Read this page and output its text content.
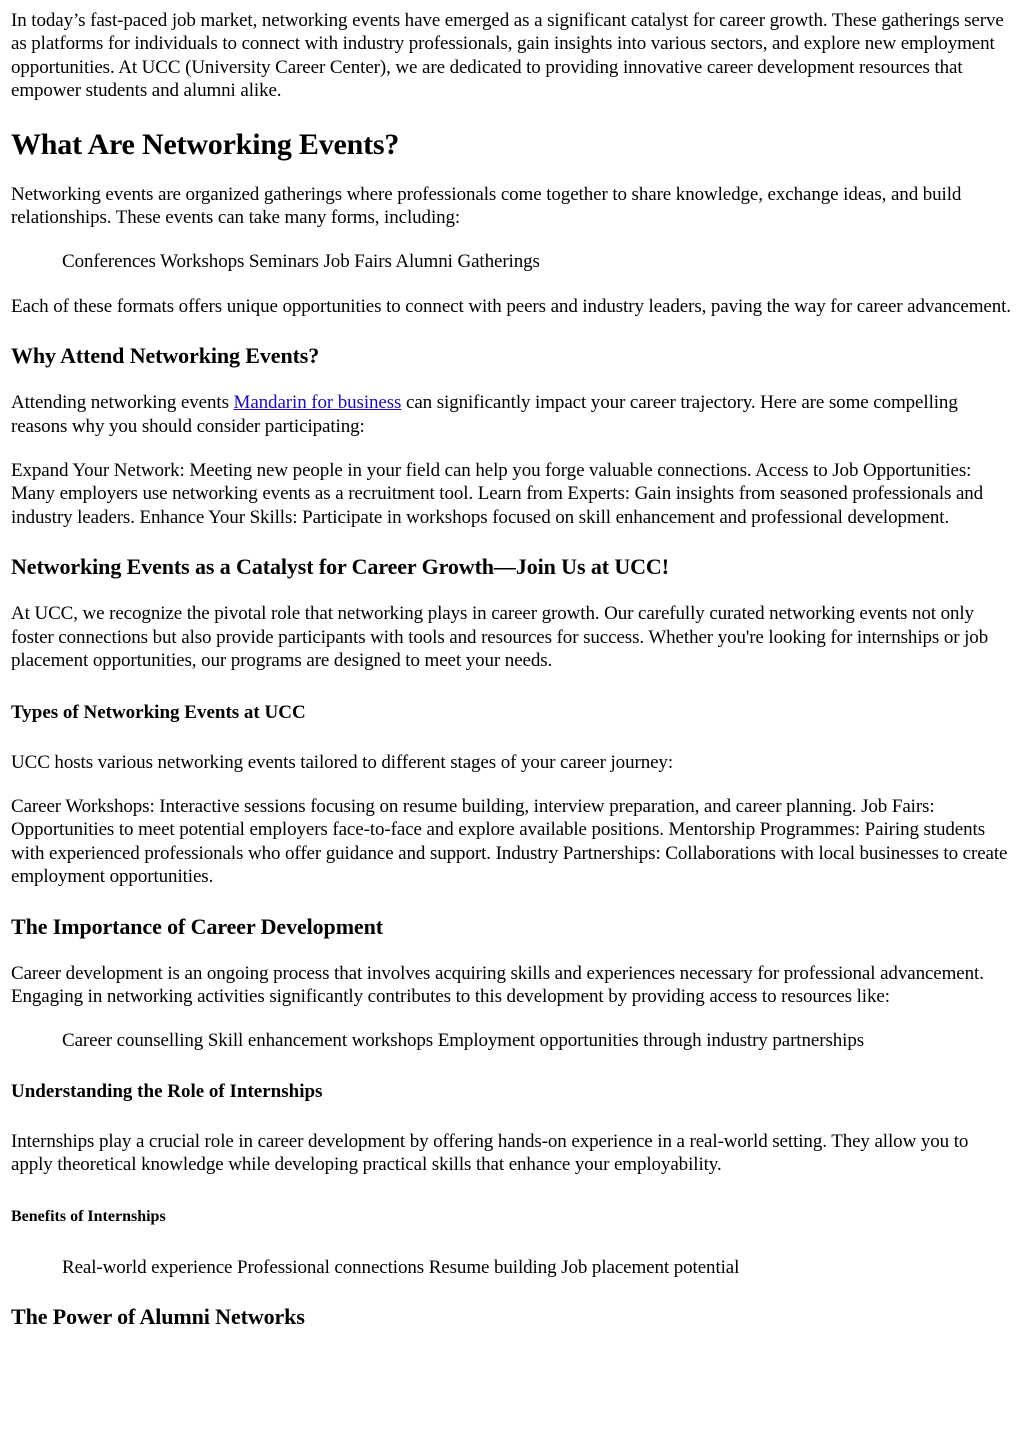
In today’s fast-paced job market, networking events have emerged as a significant catalyst for career growth. These gatherings serve as platforms for individuals to connect with industry professionals, gain insights into various sectors, and explore new employment opportunities. At UCC (University Career Center), we are dedicated to providing innovative career development resources that empower students and alumni alike.

What Are Networking Events?

Networking events are organized gatherings where professionals come together to share knowledge, exchange ideas, and build relationships. These events can take many forms, including:

Conferences Workshops Seminars Job Fairs Alumni Gatherings

Each of these formats offers unique opportunities to connect with peers and industry leaders, paving the way for career advancement.

Why Attend Networking Events?

Attending networking events Mandarin for business can significantly impact your career trajectory. Here are some compelling reasons why you should consider participating:

Expand Your Network: Meeting new people in your field can help you forge valuable connections. Access to Job Opportunities: Many employers use networking events as a recruitment tool. Learn from Experts: Gain insights from seasoned professionals and industry leaders. Enhance Your Skills: Participate in workshops focused on skill enhancement and professional development.

Networking Events as a Catalyst for Career Growth—Join Us at UCC!

At UCC, we recognize the pivotal role that networking plays in career growth. Our carefully curated networking events not only foster connections but also provide participants with tools and resources for success. Whether you're looking for internships or job placement opportunities, our programs are designed to meet your needs.

Types of Networking Events at UCC

UCC hosts various networking events tailored to different stages of your career journey:

Career Workshops: Interactive sessions focusing on resume building, interview preparation, and career planning. Job Fairs: Opportunities to meet potential employers face-to-face and explore available positions. Mentorship Programmes: Pairing students with experienced professionals who offer guidance and support. Industry Partnerships: Collaborations with local businesses to create employment opportunities.

The Importance of Career Development

Career development is an ongoing process that involves acquiring skills and experiences necessary for professional advancement. Engaging in networking activities significantly contributes to this development by providing access to resources like:

Career counselling Skill enhancement workshops Employment opportunities through industry partnerships

Understanding the Role of Internships

Internships play a crucial role in career development by offering hands-on experience in a real-world setting. They allow you to apply theoretical knowledge while developing practical skills that enhance your employability.

Benefits of Internships

Real-world experience Professional connections Resume building Job placement potential

The Power of Alumni Networks
